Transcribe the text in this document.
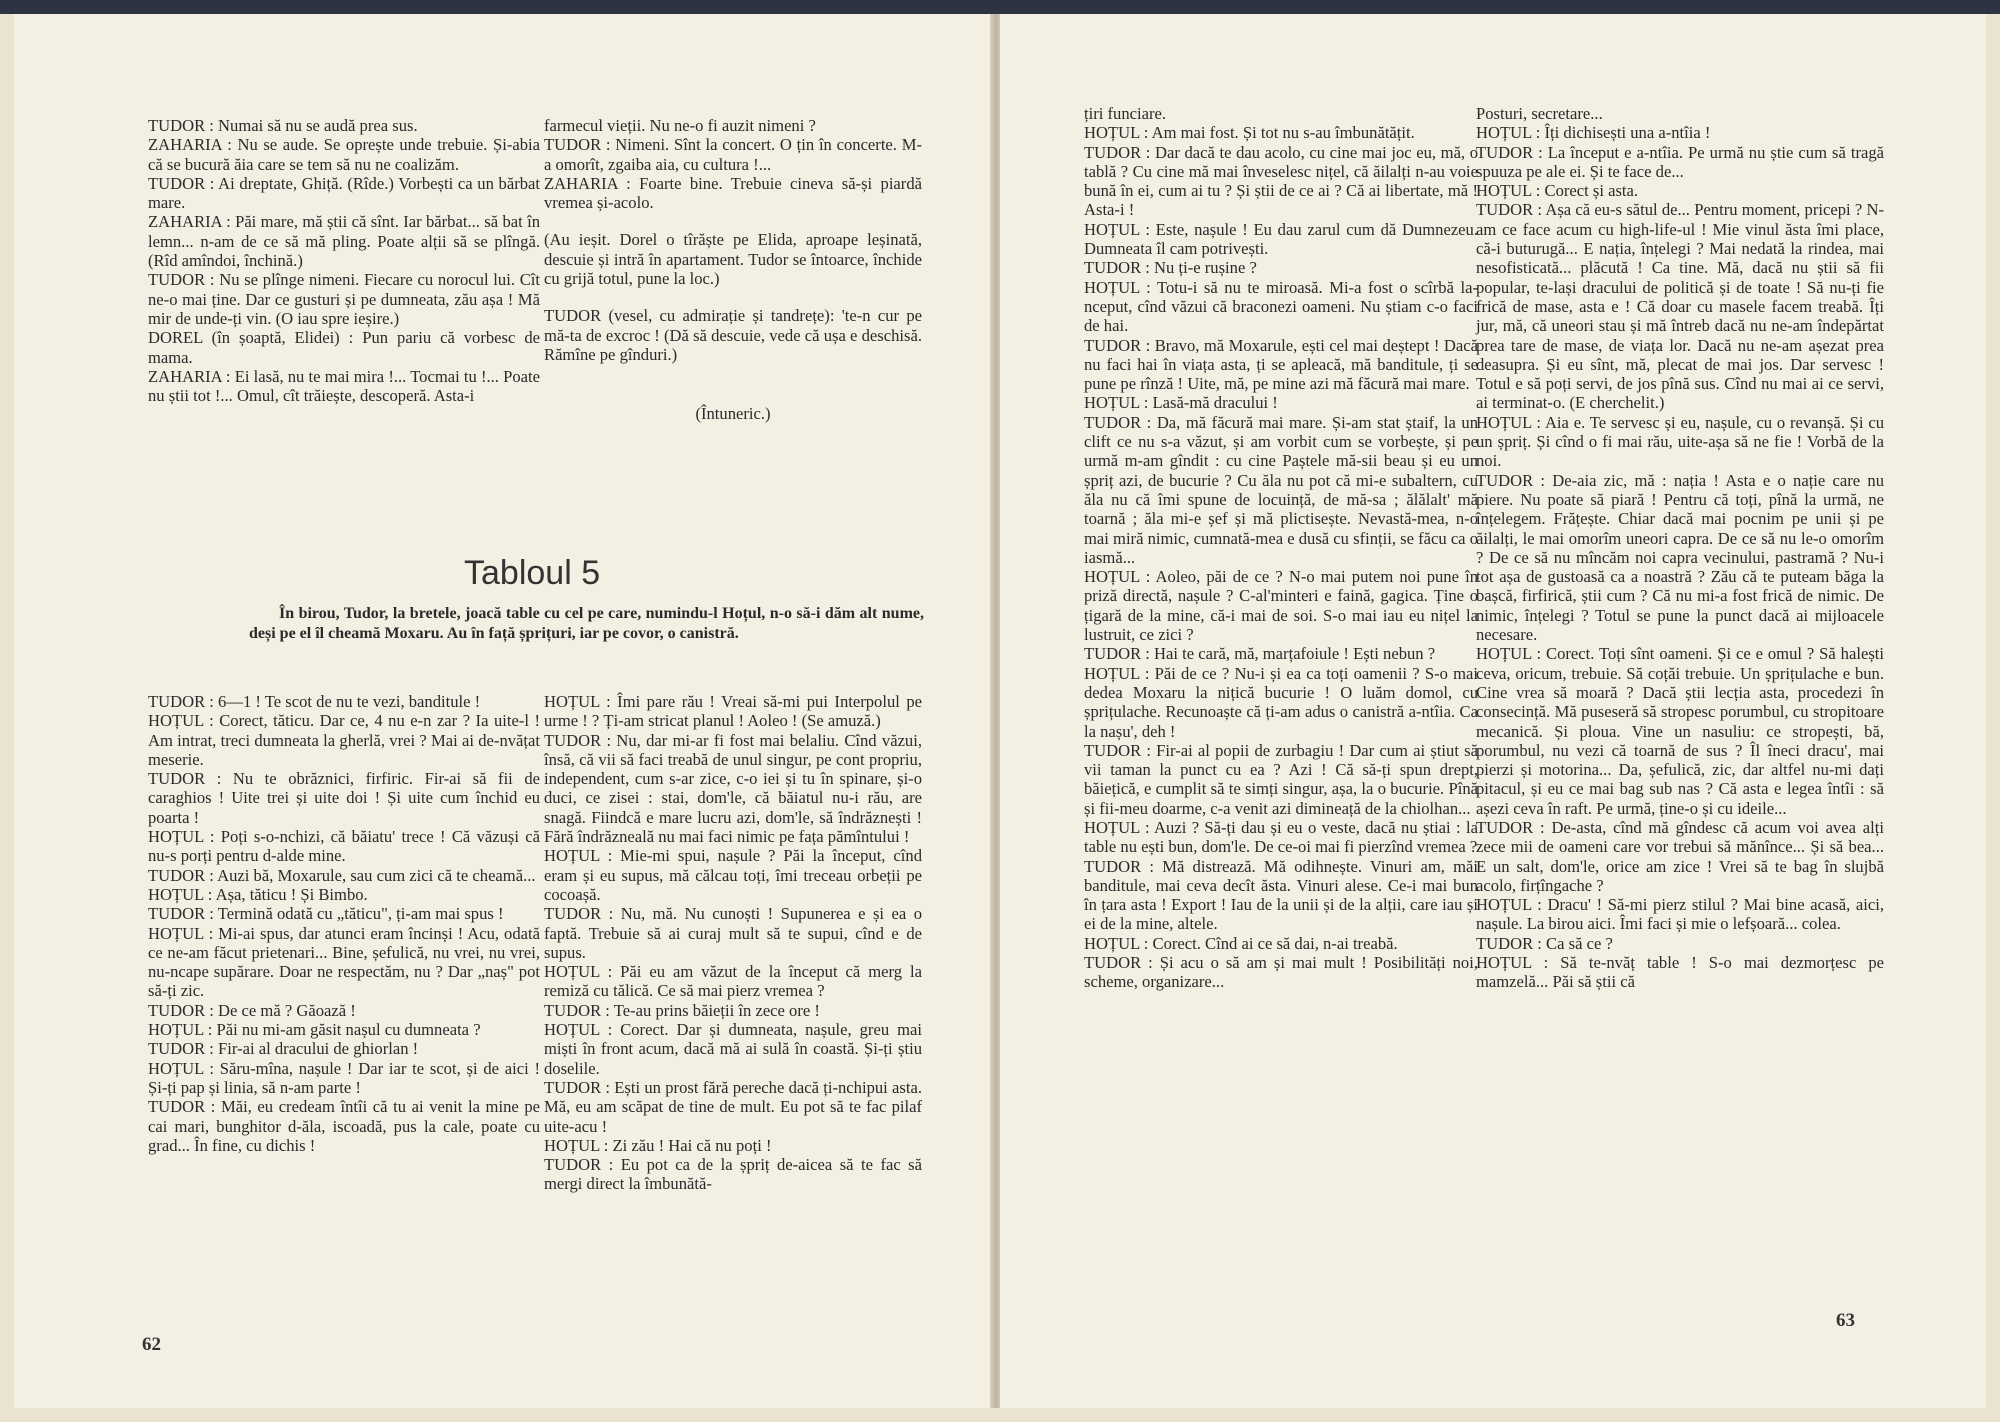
TUDOR : Numai să nu se audă prea sus.

ZAHARIA : Nu se aude. Se oprește unde trebuie. Și-abia că se bucură ăia care se tem să nu ne coalizăm.

TUDOR : Ai dreptate, Ghiță. (Rîde.) Vorbești ca un bărbat mare.

ZAHARIA : Păi mare, mă știi că sînt. Iar bărbat... să bat în lemn... n-am de ce să mă pling. Poate alții să se plîngă. (Rîd amîndoi, închină.)

TUDOR : Nu se plînge nimeni. Fiecare cu norocul lui. Cît ne-o mai ține. Dar ce gusturi și pe dumneata, zău așa ! Mă mir de unde-ți vin. (O iau spre ieșire.)

DOREL (în șoaptă, Elidei) : Pun pariu că vorbesc de mama.

ZAHARIA : Ei lasă, nu te mai mira !... Tocmai tu !... Poate nu știi tot !... Omul, cît trăiește, descoperă. Asta-i

farmecul vieții. Nu ne-o fi auzit nimeni ?

TUDOR : Nimeni. Sînt la concert. O țin în concerte. M-a omorît, zgaiba aia, cu cultura !...

ZAHARIA : Foarte bine. Trebuie cineva să-și piardă vremea și-acolo.

(Au ieșit. Dorel o tîrăște pe Elida, aproape leșinată, descuie și intră în apartament. Tudor se întoarce, închide cu grijă totul, pune la loc.)

TUDOR (vesel, cu admirație și tandrețe): 'te-n cur pe mă-ta de excroc ! (Dă să descuie, vede că ușa e deschisă. Rămîne pe gînduri.)

(Întuneric.)

Tabloul 5
În birou, Tudor, la bretele, joacă table cu cel pe care, numindu-l Hoțul, n-o să-i dăm alt nume, deși pe el îl cheamă Moxaru. Au în față șprițuri, iar pe covor, o canistră.

TUDOR : 6—1 ! Te scot de nu te vezi, banditule !

HOȚUL : Corect, tăticu. Dar ce, 4 nu e-n zar ? Ia uite-l ! Am intrat, treci dumneata la gherlă, vrei ? Mai ai de-nvățat meserie.

TUDOR : Nu te obrăznici, firfiric. Fir-ai să fii de caraghios ! Uite trei și uite doi ! Și uite cum închid eu poarta !

HOȚUL : Poți s-o-nchizi, că băiatu' trece ! Că văzuși că nu-s porți pentru d-alde mine.

TUDOR : Auzi bă, Moxarule, sau cum zici că te cheamă...

HOȚUL : Așa, tăticu ! Și Bimbo.

TUDOR : Termină odată cu „tăticu", ți-am mai spus !

HOȚUL : Mi-ai spus, dar atunci eram încinși ! Acu, odată ce ne-am făcut prietenari... Bine, șefulică, nu vrei, nu vrei, nu-ncape supărare. Doar ne respectăm, nu ? Dar „naș" pot să-ți zic.

TUDOR : De ce mă ? Găoază !

HOȚUL : Păi nu mi-am găsit nașul cu dumneata ?

TUDOR : Fir-ai al dracului de ghiorlan !

HOȚUL : Săru-mîna, nașule ! Dar iar te scot, și de aici ! Și-ți pap și linia, să n-am parte !

TUDOR : Măi, eu credeam întîi că tu ai venit la mine pe cai mari, bunghitor d-ăla, iscoadă, pus la cale, poate cu grad... În fine, cu dichis !

HOȚUL : Îmi pare rău ! Vreai să-mi pui Interpolul pe urme ! ? Ți-am stricat planul ! Aoleo ! (Se amuză.)

TUDOR : Nu, dar mi-ar fi fost mai belaliu. Cînd văzui, însă, că vii să faci treabă de unul singur, pe cont propriu, independent, cum s-ar zice, c-o iei și tu în spinare, și-o duci, ce zisei : stai, dom'le, că băiatul nu-i rău, are snagă. Fiindcă e mare lucru azi, dom'le, să îndrăznești ! Fără îndrăzneală nu mai faci nimic pe fața pămîntului !

HOȚUL : Mie-mi spui, nașule ? Păi la început, cînd eram și eu supus, mă călcau toți, îmi treceau orbeții pe cocoașă.

TUDOR : Nu, mă. Nu cunoști ! Supunerea e și ea o faptă. Trebuie să ai curaj mult să te supui, cînd e de supus.

HOȚUL : Păi eu am văzut de la început că merg la remiză cu tălică. Ce să mai pierz vremea ?

TUDOR : Te-au prins băieții în zece ore !

HOȚUL : Corect. Dar și dumneata, nașule, greu mai miști în front acum, dacă mă ai sulă în coastă. Și-ți știu doselile.

TUDOR : Ești un prost fără pereche dacă ți-nchipui asta. Mă, eu am scăpat de tine de mult. Eu pot să te fac pilaf uite-acu !

HOȚUL : Zi zău ! Hai că nu poți !

TUDOR : Eu pot ca de la șpriț de-aicea să te fac să mergi direct la îmbunătă-

62

țiri funciare.

HOȚUL : Am mai fost. Și tot nu s-au îmbunătățit.

TUDOR : Dar dacă te dau acolo, cu cine mai joc eu, mă, o tablă ? Cu cine mă mai înveselesc nițel, că ăilalți n-au voie bună în ei, cum ai tu ? Și știi de ce ai ? Că ai libertate, mă ! Asta-i !

HOȚUL : Este, nașule ! Eu dau zarul cum dă Dumnezeu. Dumneata îl cam potrivești.

TUDOR : Nu ți-e rușine ?

HOȚUL : Totu-i să nu te miroasă. Mi-a fost o scîrbă la-nceput, cînd văzui că braconezi oameni. Nu știam c-o faci de hai.

TUDOR : Bravo, mă Moxarule, ești cel mai deștept ! Dacă nu faci hai în viața asta, ți se apleacă, mă banditule, ți se pune pe rînză ! Uite, mă, pe mine azi mă făcură mai mare.

HOȚUL : Lasă-mă dracului !

TUDOR : Da, mă făcură mai mare. Și-am stat ștaif, la un clift ce nu s-a văzut, și am vorbit cum se vorbește, și pe urmă m-am gîndit : cu cine Paștele mă-sii beau și eu un șpriț azi, de bucurie ? Cu ăla nu pot că mi-e subaltern, cu ăla nu că îmi spune de locuință, de mă-sa ; ălălalt' mă toarnă ; ăla mi-e șef și mă plictisește. Nevastă-mea, n-o mai miră nimic, cumnată-mea e dusă cu sfinții, se făcu ca o iasmă...

HOȚUL : Aoleo, păi de ce ? N-o mai putem noi pune în priză directă, nașule ? C-al'minteri e faină, gagica. Ține o țigară de la mine, că-i mai de soi. S-o mai iau eu nițel la lustruit, ce zici ?

TUDOR : Hai te cară, mă, marțafoiule ! Ești nebun ?

HOȚUL : Păi de ce ? Nu-i și ea ca toți oamenii ? S-o mai dedea Moxaru la nițică bucurie ! O luăm domol, cu șprițulache. Recunoaște că ți-am adus o canistră a-ntîia. Ca la nașu', deh !

TUDOR : Fir-ai al popii de zurbagiu ! Dar cum ai știut să vii taman la punct cu ea ? Azi ! Că să-ți spun drept, băiețică, e cumplit să te simți singur, așa, la o bucurie. Pînă și fii-meu doarme, c-a venit azi dimineață de la chiolhan...

HOȚUL : Auzi ? Să-ți dau și eu o veste, dacă nu știai : la table nu ești bun, dom'le. De ce-oi mai fi pierzînd vremea ?

TUDOR : Mă distrează. Mă odihnește. Vinuri am, măi banditule, mai ceva decît ăsta. Vinuri alese. Ce-i mai bun în țara asta ! Export ! Iau de la unii și de la alții, care iau și ei de la mine, altele.

HOȚUL : Corect. Cînd ai ce să dai, n-ai treabă.

TUDOR : Și acu o să am și mai mult ! Posibilități noi, scheme, organizare...

Posturi, secretare...

HOȚUL : Îți dichisești una a-ntîia !

TUDOR : La început e a-ntîia. Pe urmă nu știe cum să tragă spuuza pe ale ei. Și te face de...

HOȚUL : Corect și asta.

TUDOR : Așa că eu-s sătul de... Pentru moment, pricepi ? N-am ce face acum cu high-life-ul ! Mie vinul ăsta îmi place, că-i buturugă... E nația, înțelegi ? Mai nedată la rindea, mai nesofisticată... plăcută ! Ca tine. Mă, dacă nu știi să fii popular, te-lași dracului de politică și de toate ! Să nu-ți fie frică de mase, asta e ! Că doar cu masele facem treabă. Îți jur, mă, că uneori stau și mă întreb dacă nu ne-am îndepărtat prea tare de mase, de viața lor. Dacă nu ne-am așezat prea deasupra. Și eu sînt, mă, plecat de mai jos. Dar servesc ! Totul e să poți servi, de jos pînă sus. Cînd nu mai ai ce servi, ai terminat-o. (E cherchelit.)

HOȚUL : Aia e. Te servesc și eu, nașule, cu o revanșă. Și cu un șpriț. Și cînd o fi mai rău, uite-așa să ne fie ! Vorbă de la noi.

TUDOR : De-aia zic, mă : nația ! Asta e o nație care nu piere. Nu poate să piară ! Pentru că toți, pînă la urmă, ne înțelegem. Frățește. Chiar dacă mai pocnim pe unii și pe ăilalți, le mai omorîm uneori capra. De ce să nu le-o omorîm ? De ce să nu mîncăm noi capra vecinului, pastramă ? Nu-i tot așa de gustoasă ca a noastră ? Zău că te puteam băga la bașcă, firfirică, știi cum ? Că nu mi-a fost frică de nimic. De nimic, înțelegi ? Totul se pune la punct dacă ai mijloacele necesare.

HOȚUL : Corect. Toți sînt oameni. Și ce e omul ? Să halești ceva, oricum, trebuie. Să coțăi trebuie. Un șprițulache e bun. Cine vrea să moară ? Dacă știi lecția asta, procedezi în consecință. Mă puseseră să stropesc porumbul, cu stropitoare mecanică. Și ploua. Vine un nasuliu: ce stropești, bă, porumbul, nu vezi că toarnă de sus ? Îl îneci dracu', mai pierzi și motorina... Da, șefulică, zic, dar altfel nu-mi dați pitacul, și eu ce mai bag sub nas ? Că asta e legea întîi : să așezi ceva în raft. Pe urmă, ține-o și cu ideile...

TUDOR : De-asta, cînd mă gîndesc că acum voi avea alți zece mii de oameni care vor trebui să mănînce... Și să bea... E un salt, dom'le, orice am zice ! Vrei să te bag în slujbă acolo, firțîngache ?

HOȚUL : Dracu' ! Să-mi pierz stilul ? Mai bine acasă, aici, nașule. La birou aici. Îmi faci și mie o lefșoară... colea.

TUDOR : Ca să ce ?

HOȚUL : Să te-nvăț table ! S-o mai dezmorțesc pe mamzelă... Păi să știi că

63
